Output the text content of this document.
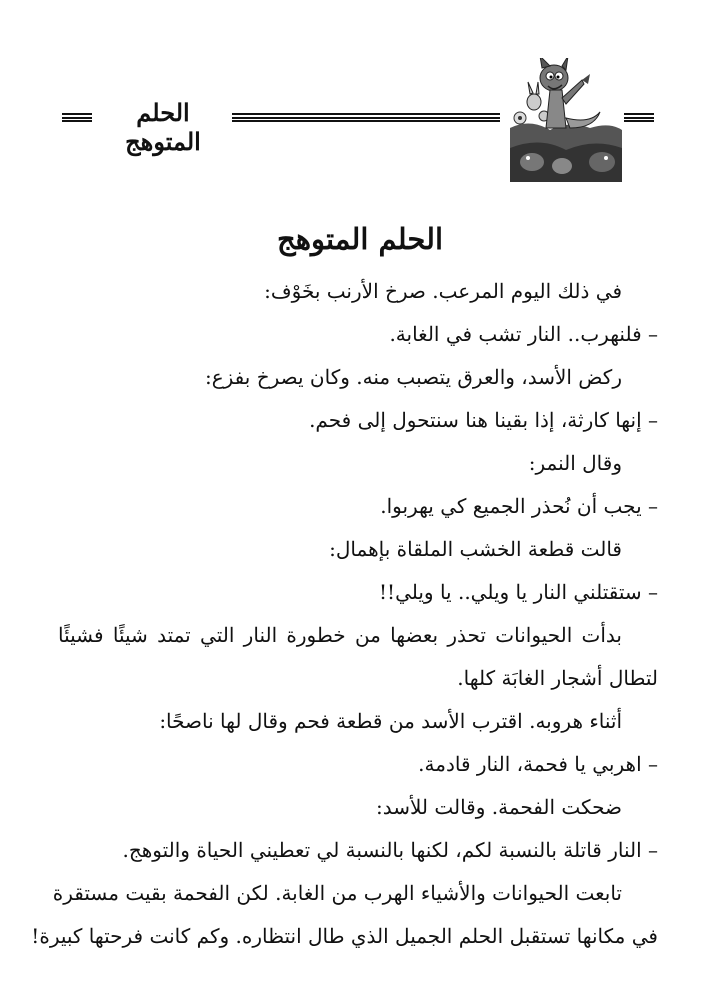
الحلم المتوهج
الحلم المتوهج
في ذلك اليوم المرعب. صرخ الأرنب بخَوْف:
– فلنهرب.. النار تشب في الغابة.
ركض الأسد، والعرق يتصبب منه. وكان يصرخ بفزع:
– إنها كارثة، إذا بقينا هنا سنتحول إلى فحم.
وقال النمر:
– يجب أن نُحذر الجميع كي يهربوا.
قالت قطعة الخشب الملقاة بإهمال:
– ستقتلني النار يا ويلي.. يا ويلي!!
بدأت الحيوانات تحذر بعضها من خطورة النار التي تمتد شيئًا فشيئًا
لتطال أشجار الغابَة كلها.
أثناء هروبه. اقترب الأسد من قطعة فحم وقال لها ناصحًا:
– اهربي يا فحمة، النار قادمة.
ضحكت الفحمة. وقالت للأسد:
– النار قاتلة بالنسبة لكم، لكنها بالنسبة لي تعطيني الحياة والتوهج.
تابعت الحيوانات والأشياء الهرب من الغابة. لكن الفحمة بقيت مستقرة
في مكانها تستقبل الحلم الجميل الذي طال انتظاره. وكم كانت فرحتها كبيرة!
